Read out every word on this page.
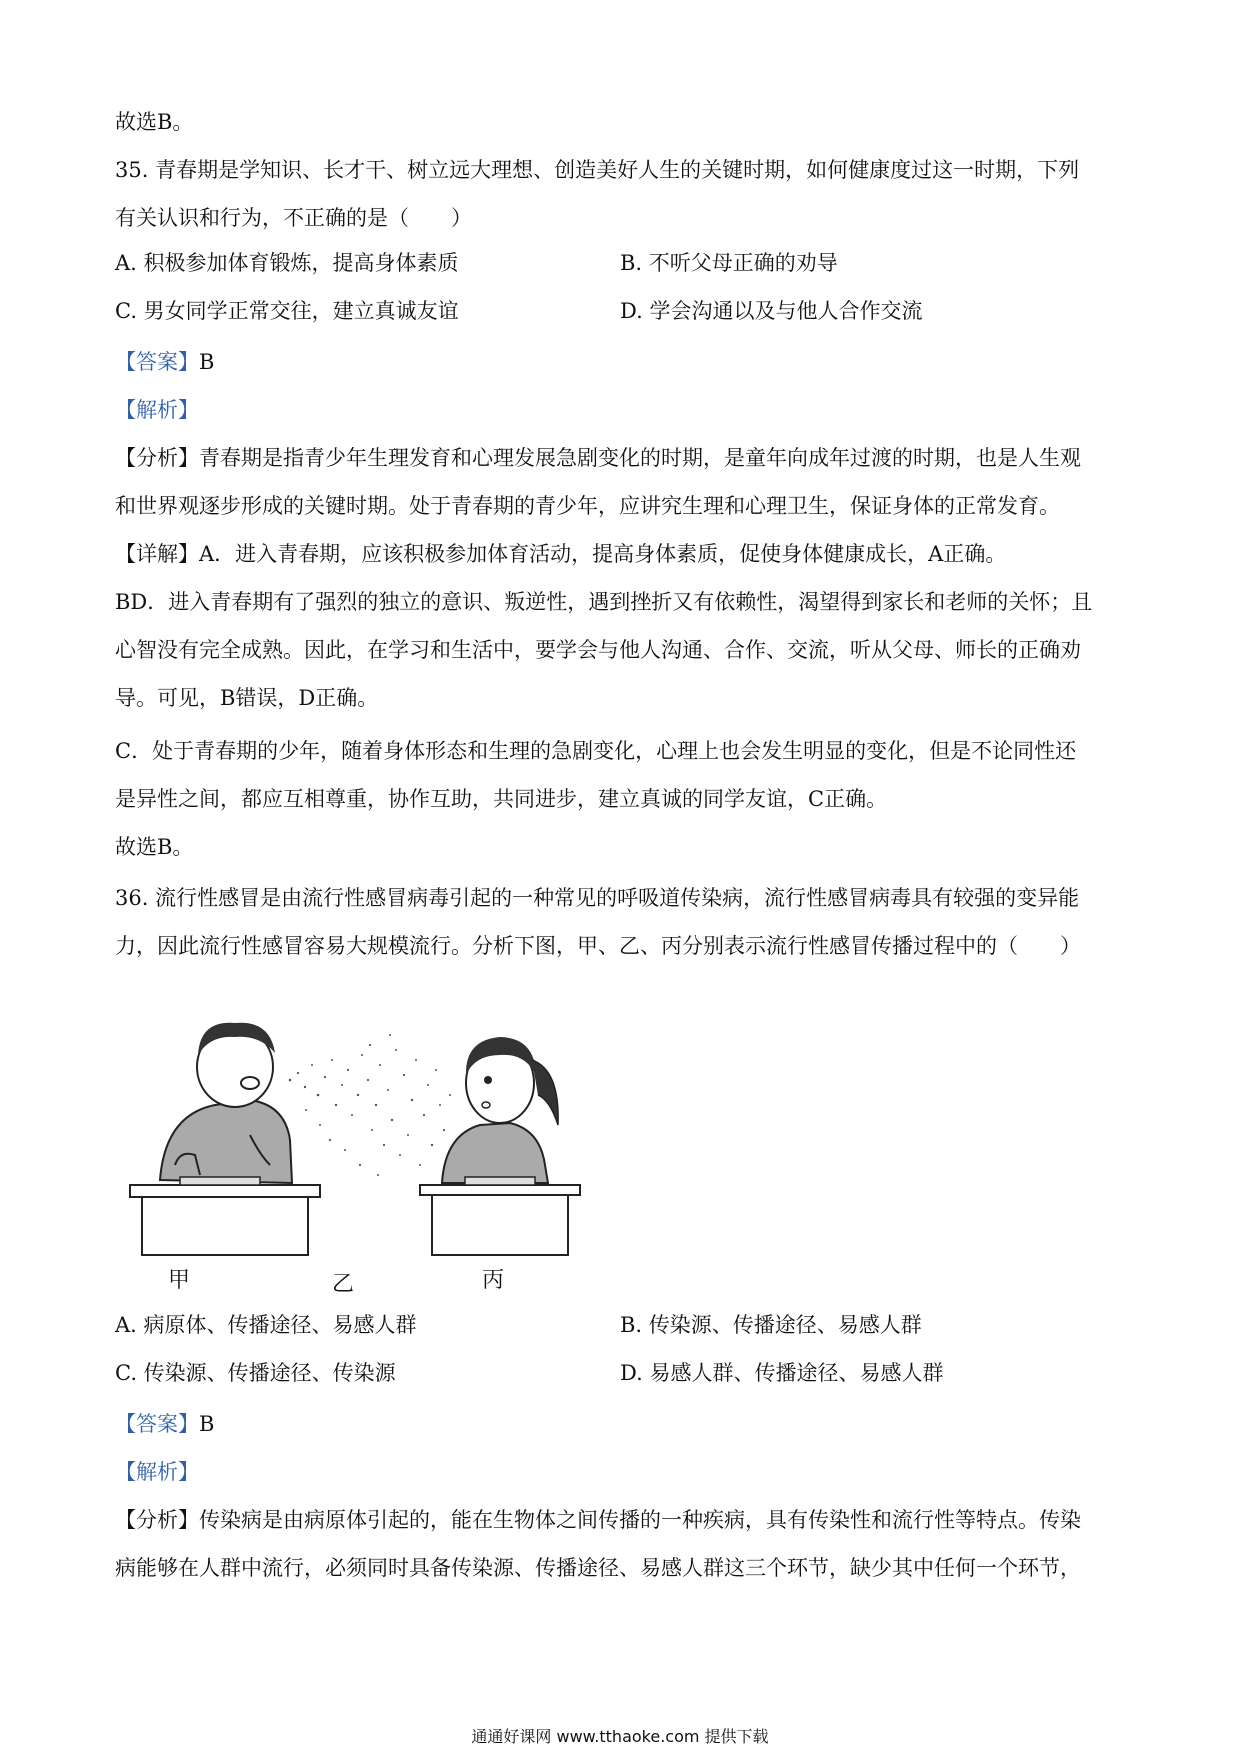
故选B。
35. 青春期是学知识、长才干、树立远大理想、创造美好人生的关键时期，如何健康度过这一时期，下列
有关认识和行为，不正确的是（　　）
A. 积极参加体育锻炼，提高身体素质	B. 不听父母正确的劝导
C. 男女同学正常交往，建立真诚友谊	D. 学会沟通以及与他人合作交流
【答案】B
【解析】
【分析】青春期是指青少年生理发育和心理发展急剧变化的时期，是童年向成年过渡的时期，也是人生观
和世界观逐步形成的关键时期。处于青春期的青少年，应讲究生理和心理卫生，保证身体的正常发育。
【详解】A．进入青春期，应该积极参加体育活动，提高身体素质，促使身体健康成长，A正确。
BD．进入青春期有了强烈的独立的意识、叛逆性，遇到挫折又有依赖性，渴望得到家长和老师的关怀；且
心智没有完全成熟。因此，在学习和生活中，要学会与他人沟通、合作、交流，听从父母、师长的正确劝
导。可见，B错误，D正确。
C．处于青春期的少年，随着身体形态和生理的急剧变化，心理上也会发生明显的变化，但是不论同性还
是异性之间，都应互相尊重，协作互助，共同进步，建立真诚的同学友谊，C正确。
故选B。
36. 流行性感冒是由流行性感冒病毒引起的一种常见的呼吸道传染病，流行性感冒病毒具有较强的变异能
力，因此流行性感冒容易大规模流行。分析下图，甲、乙、丙分别表示流行性感冒传播过程中的（　　）
甲	乙	丙
A. 病原体、传播途径、易感人群	B. 传染源、传播途径、易感人群
C. 传染源、传播途径、传染源	D. 易感人群、传播途径、易感人群
【答案】B
【解析】
【分析】传染病是由病原体引起的，能在生物体之间传播的一种疾病，具有传染性和流行性等特点。传染
病能够在人群中流行，必须同时具备传染源、传播途径、易感人群这三个环节，缺少其中任何一个环节，
通通好课网 www.tthaoke.com 提供下载
